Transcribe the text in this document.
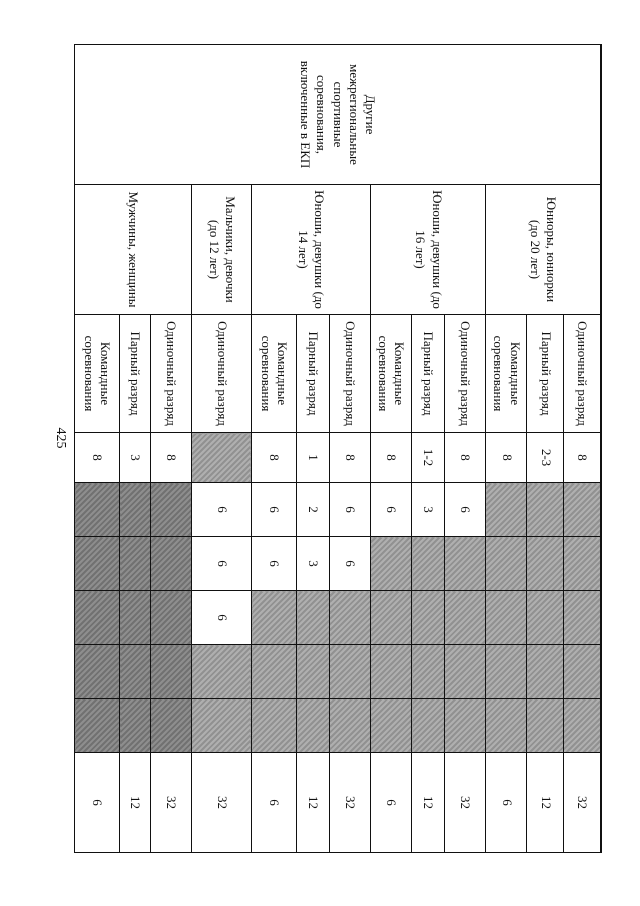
425
Другие межрегиональные спортивные соревнования, включенные в ЕКП	Юниоры, юниорки (до 20 лет)	Одиночный разряд	8						32
		Парный разряд	2-3						12
		Командные соревнования	8						6
	Юноши, девушки (до 16 лет)	Одиночный разряд	8	6					32
		Парный разряд	1-2	3					12
		Командные соревнования	8	6					6
	Юноши, девушки (до 14 лет)	Одиночный разряд	8	6	6				32
		Парный разряд	1	2	3				12
		Командные соревнования	8	6	6				6
	Мальчики, девочки (до 12 лет)	Одиночный разряд		6	6	6			32
	Мужчины, женщины	Одиночный разряд	8						32
		Парный разряд	3						12
		Командные соревнования	8						6
